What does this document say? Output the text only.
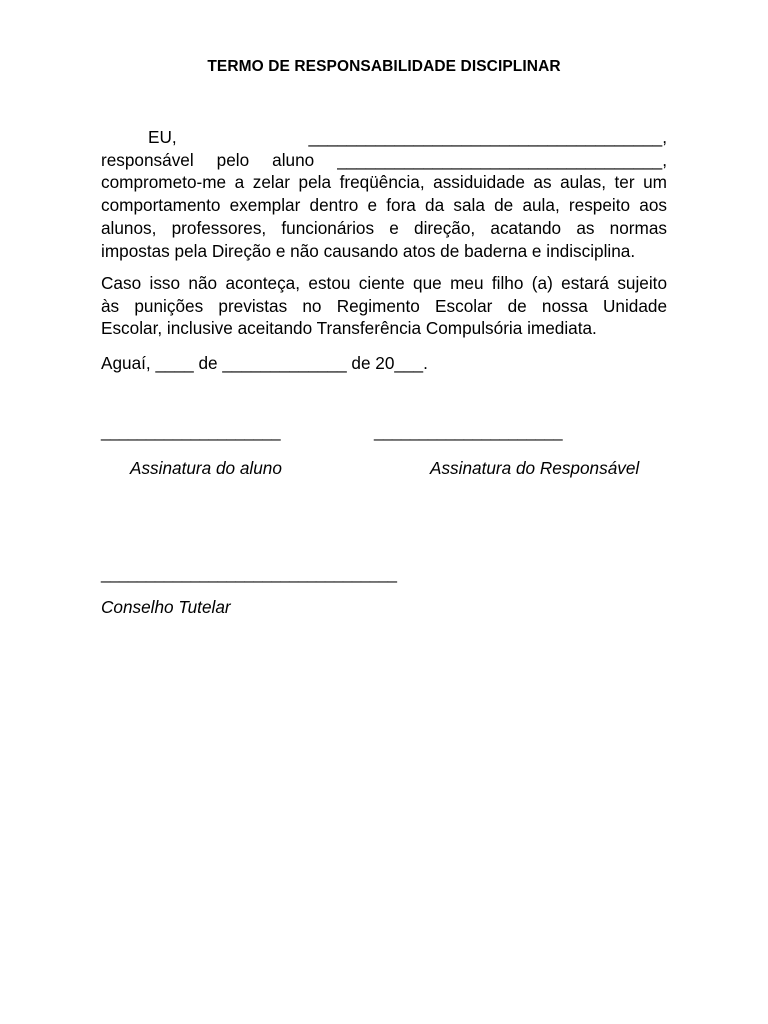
TERMO DE RESPONSABILIDADE DISCIPLINAR
EU,	_____________________________________,
responsável pelo aluno __________________________________,
comprometo-me a zelar pela freqüência, assiduidade as aulas, ter um
comportamento exemplar dentro e fora da sala de aula, respeito aos
alunos, professores, funcionários e direção, acatando as normas
impostas pela Direção e não causando atos de baderna e indisciplina.
Caso isso não aconteça, estou ciente que meu filho (a) estará sujeito
às punições previstas no Regimento Escolar de nossa Unidade
Escolar, inclusive aceitando Transferência Compulsória imediata.
Aguaí, ____ de _____________ de 20___.
____________________	_____________________
Assinatura do aluno	Assinatura do Responsável
_________________________________
Conselho Tutelar
